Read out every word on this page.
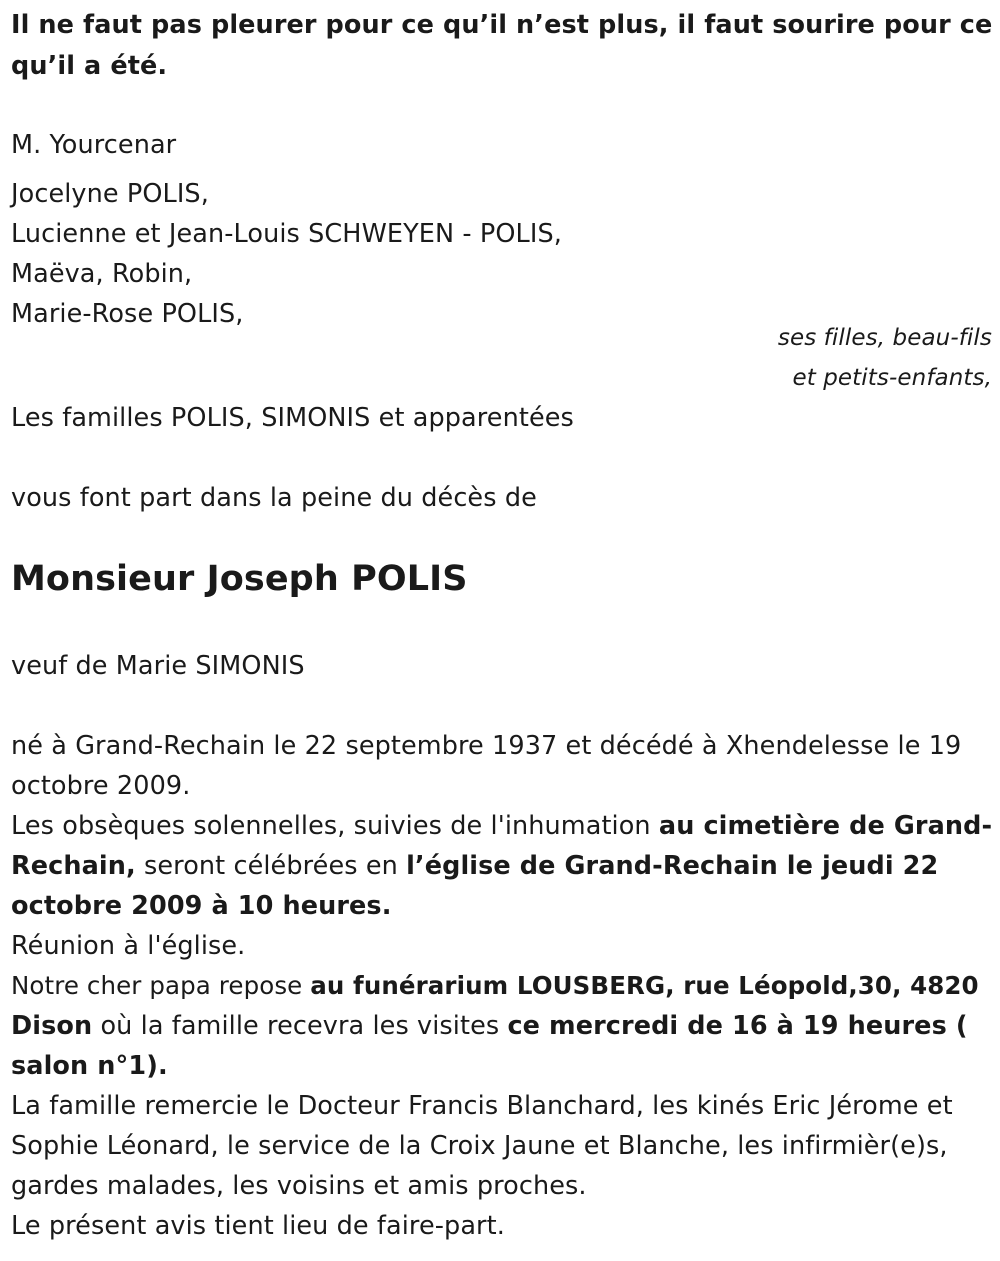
Il ne faut pas pleurer pour ce qu’il n’est plus, il faut sourire pour ce
qu’il a été.
M. Yourcenar
Jocelyne POLIS,
Lucienne et Jean-Louis SCHWEYEN - POLIS,
Maëva, Robin,
Marie-Rose POLIS,
ses filles, beau-fils
et petits-enfants,
Les familles POLIS, SIMONIS et apparentées
vous font part dans la peine du décès de
Monsieur Joseph POLIS
veuf de Marie SIMONIS
né à Grand-Rechain le 22 septembre 1937 et décédé à Xhendelesse le 19
octobre 2009.
Les obsèques solennelles, suivies de l'inhumation au cimetière de Grand-
Rechain, seront célébrées en l’église de Grand-Rechain le jeudi 22
octobre 2009 à 10 heures.
Réunion à l'église.
Notre cher papa repose au funérarium LOUSBERG, rue Léopold,30, 4820
Dison où la famille recevra les visites ce mercredi de 16 à 19 heures (
salon n°1).
La famille remercie le Docteur Francis Blanchard, les kinés Eric Jérome et
Sophie Léonard, le service de la Croix Jaune et Blanche, les infirmièr(e)s,
gardes malades, les voisins et amis proches.
Le présent avis tient lieu de faire-part.
